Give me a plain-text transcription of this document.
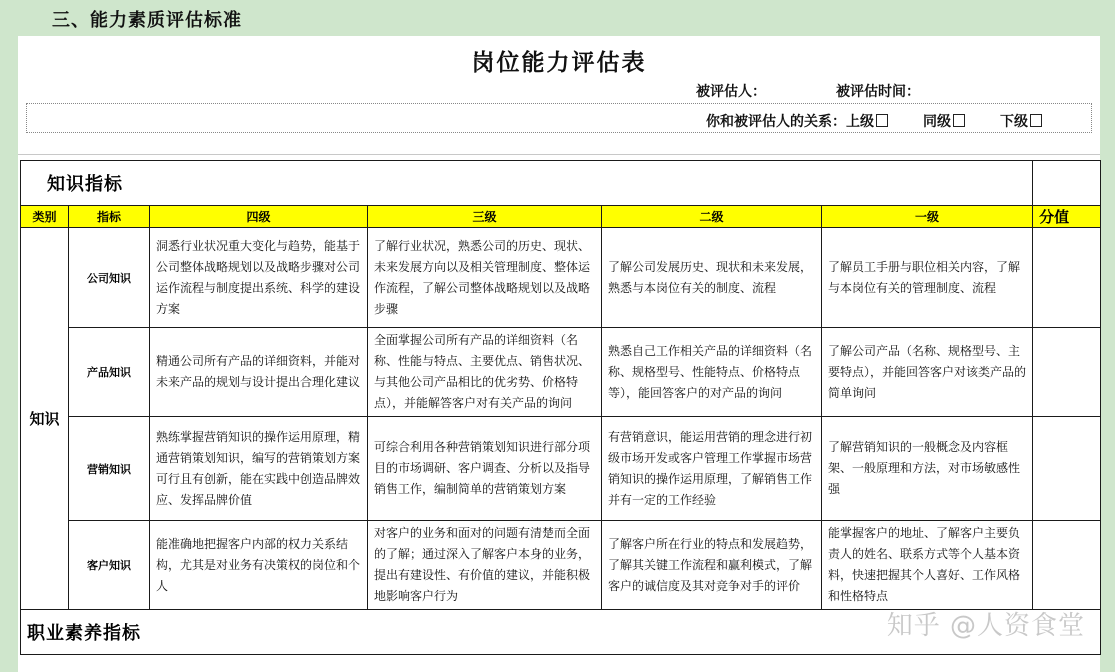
三、能力素质评估标准
岗位能力评估表
被评估人：	被评估时间：
你和被评估人的关系： 上级	同级	下级
知识指标						
类别	指标	四级	三级	二级	一级	分值
知识	公司知识	洞悉行业状况重大变化与趋势，能基于公司整体战略规划以及战略步骤对公司运作流程与制度提出系统、科学的建设方案	了解行业状况，熟悉公司的历史、现状、未来发展方向以及相关管理制度、整体运作流程，了解公司整体战略规划以及战略步骤	了解公司发展历史、现状和未来发展，熟悉与本岗位有关的制度、流程	了解员工手册与职位相关内容，了解与本岗位有关的管理制度、流程	
	产品知识	精通公司所有产品的详细资料，并能对未来产品的规划与设计提出合理化建议	全面掌握公司所有产品的详细资料（名称、性能与特点、主要优点、销售状况、与其他公司产品相比的优劣势、价格特点），并能解答客户对有关产品的询问	熟悉自己工作相关产品的详细资料（名称、规格型号、性能特点、价格特点等），能回答客户的对产品的询问	了解公司产品（名称、规格型号、主要特点），并能回答客户对该类产品的简单询问	
	营销知识	熟练掌握营销知识的操作运用原理，精通营销策划知识，编写的营销策划方案可行且有创新，能在实践中创造品牌效应、发挥品牌价值	可综合利用各种营销策划知识进行部分项目的市场调研、客户调查、分析以及指导销售工作，编制简单的营销策划方案	有营销意识，能运用营销的理念进行初级市场开发或客户管理工作掌握市场营销知识的操作运用原理，了解销售工作并有一定的工作经验	了解营销知识的一般概念及内容框架、一般原理和方法，对市场敏感性强	
	客户知识	能准确地把握客户内部的权力关系结构，尤其是对业务有决策权的岗位和个人	对客户的业务和面对的问题有清楚而全面的了解；通过深入了解客户本身的业务，提出有建设性、有价值的建议，并能积极地影响客户行为	了解客户所在行业的特点和发展趋势，了解其关键工作流程和赢利模式，了解客户的诚信度及其对竞争对手的评价	能掌握客户的地址、了解客户主要负责人的姓名、联系方式等个人基本资料，快速把握其个人喜好、工作风格和性格特点	
职业素养指标							知乎 @人资食堂
